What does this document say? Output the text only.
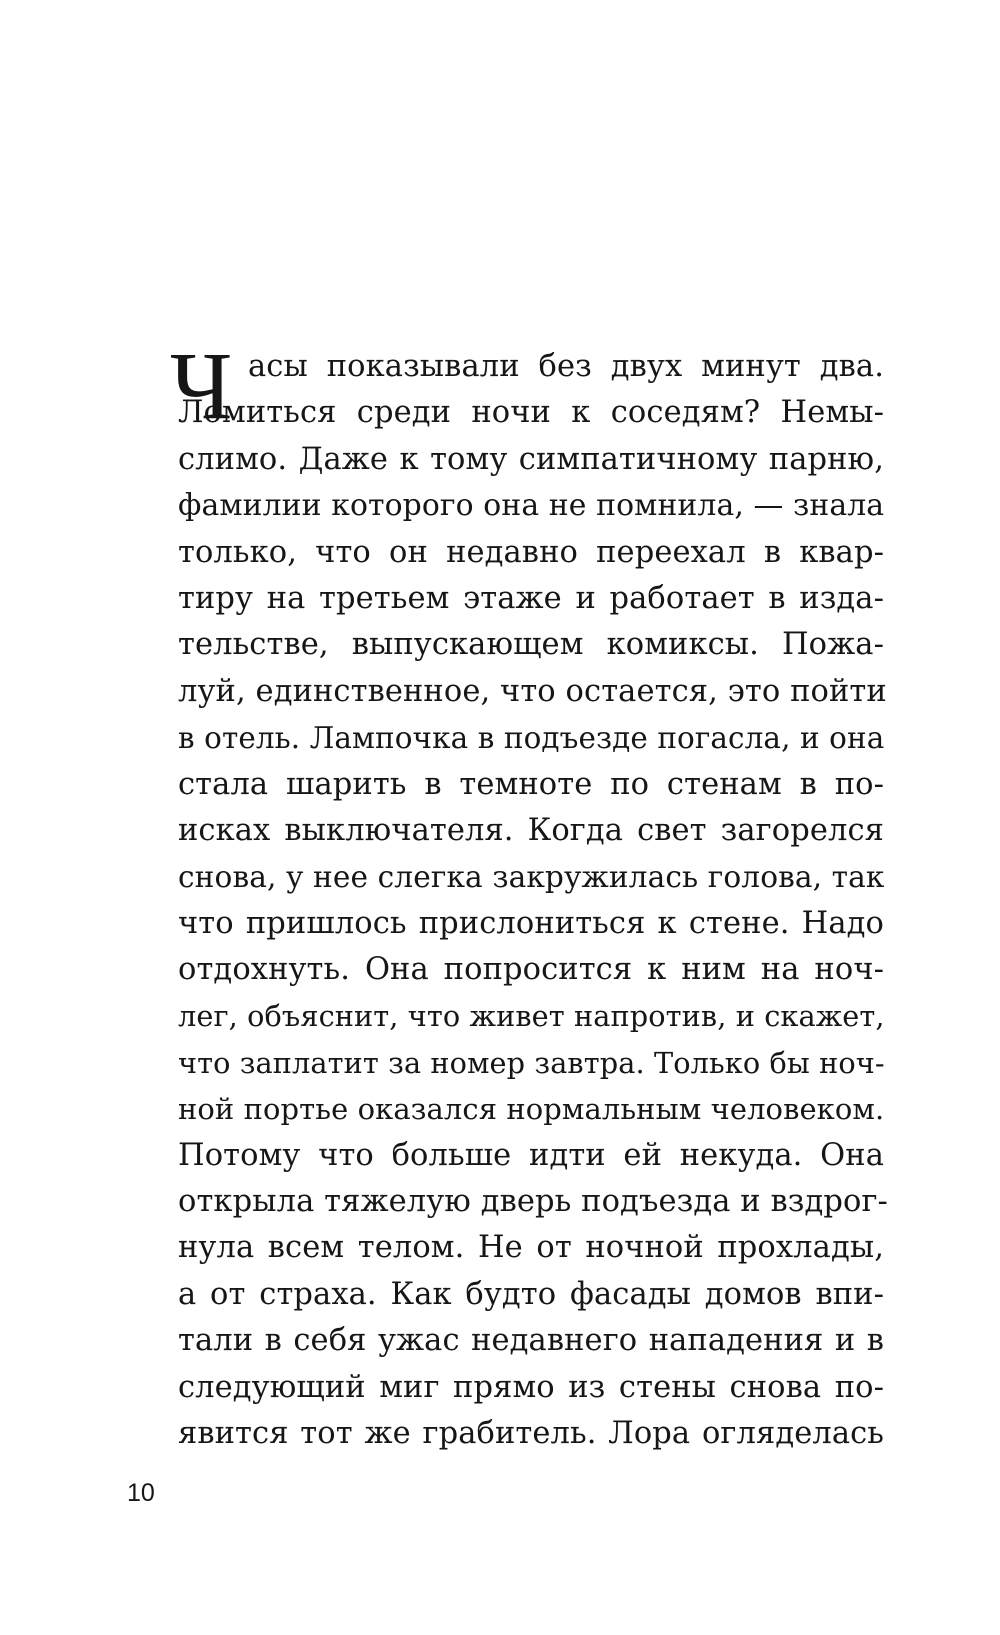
Ч асы показывали без двух минут два.
Ломиться среди ночи к соседям? Немы-
слимо. Даже к тому симпатичному парню,
фамилии которого она не помнила, — знала
только, что он недавно переехал в квар-
тиру на третьем этаже и работает в изда-
тельстве, выпускающем комиксы. Пожа-
луй, единственное, что остается, это пойти
в отель. Лампочка в подъезде погасла, и она
стала шарить в темноте по стенам в по-
исках выключателя. Когда свет загорелся
снова, у нее слегка закружилась голова, так
что пришлось прислониться к стене. Надо
отдохнуть. Она попросится к ним на ноч-
лег, объяснит, что живет напротив, и скажет,
что заплатит за номер завтра. Только бы ноч-
ной портье оказался нормальным человеком.
Потому что больше идти ей некуда. Она
открыла тяжелую дверь подъезда и вздрог-
нула всем телом. Не от ночной прохлады,
а от страха. Как будто фасады домов впи-
тали в себя ужас недавнего нападения и в
следующий миг прямо из стены снова по-
явится тот же грабитель. Лора огляделась
10
